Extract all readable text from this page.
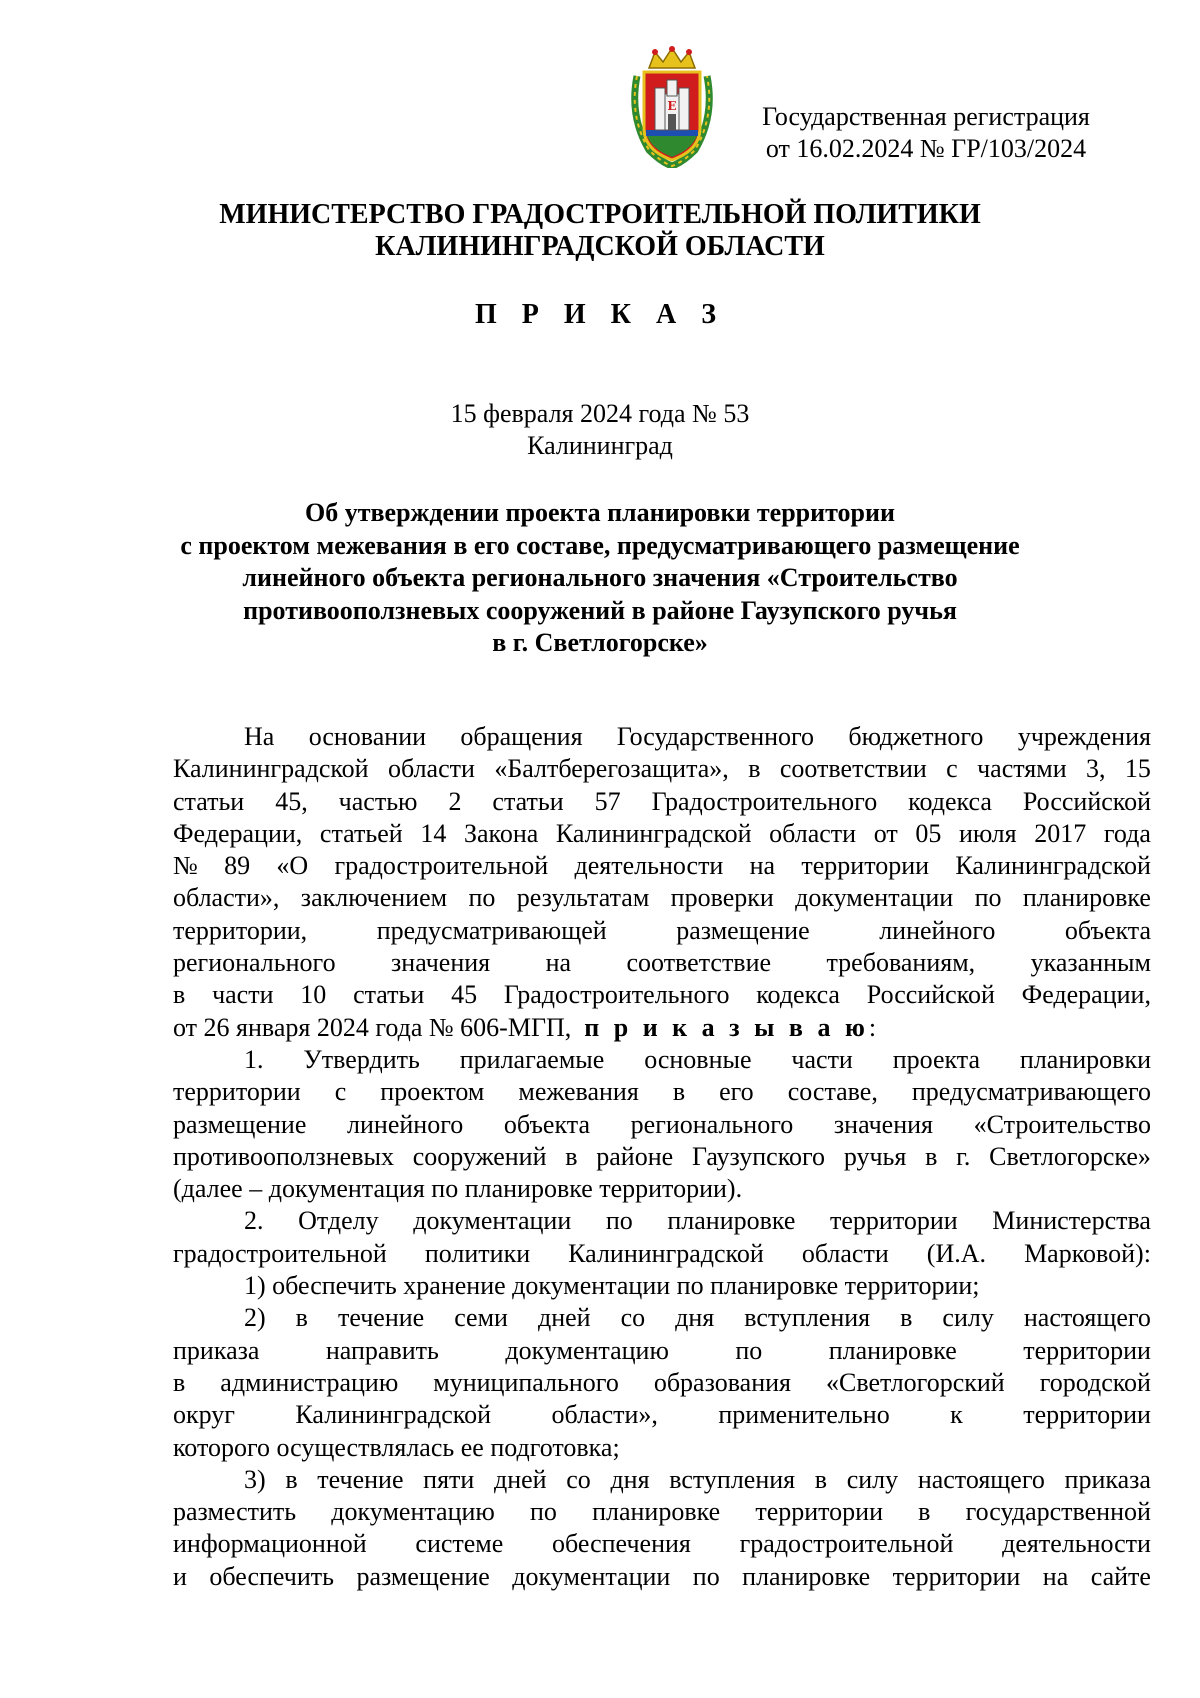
E	Государственная регистрация
от 16.02.2024 № ГР/103/2024
МИНИСТЕРСТВО ГРАДОСТРОИТЕЛЬНОЙ ПОЛИТИКИ
КАЛИНИНГРАДСКОЙ ОБЛАСТИ
П Р И К А З
15 февраля 2024 года № 53
Калининград
Об утверждении проекта планировки территории
с проектом межевания в его составе, предусматривающего размещение
линейного объекта регионального значения «Строительство
противооползневых сооружений в районе Гаузупского ручья
в г. Светлогорске»
На основании обращения Государственного бюджетного учреждения
Калининградской области «Балтберегозащита», в соответствии с частями 3, 15
статьи 45, частью 2 статьи 57 Градостроительного кодекса Российской
Федерации, статьей 14 Закона Калининградской области от 05 июля 2017 года
№ 89 «О градостроительной деятельности на территории Калининградской
области», заключением по результатам проверки документации по планировке
территории,	предусматривающей	размещение	линейного	объекта
регионального значения на соответствие требованиям, указанным
в части 10 статьи 45 Градостроительного кодекса Российской Федерации,
от 26 января 2024 года № 606-МГП,
п р и к а з ы в а ю :
1. Утвердить прилагаемые основные части проекта планировки
территории с проектом межевания в его составе, предусматривающего
размещение линейного объекта регионального значения «Строительство
противооползневых сооружений в районе Гаузупского ручья в г. Светлогорске»
(далее – документация по планировке территории).
2. Отделу документации по планировке территории Министерства
градостроительной политики Калининградской области (И.А. Марковой):
1) обеспечить хранение документации по планировке территории;
2) в течение семи дней со дня вступления в силу настоящего
приказа	направить	документацию	по	планировке	территории
в администрацию муниципального образования «Светлогорский городской
округ Калининградской области», применительно к территории
которого осуществлялась ее подготовка;
3) в течение пяти дней со дня вступления в силу настоящего приказа
разместить документацию по планировке территории в государственной
информационной системе обеспечения градостроительной деятельности
и обеспечить размещение документации по планировке территории на сайте
